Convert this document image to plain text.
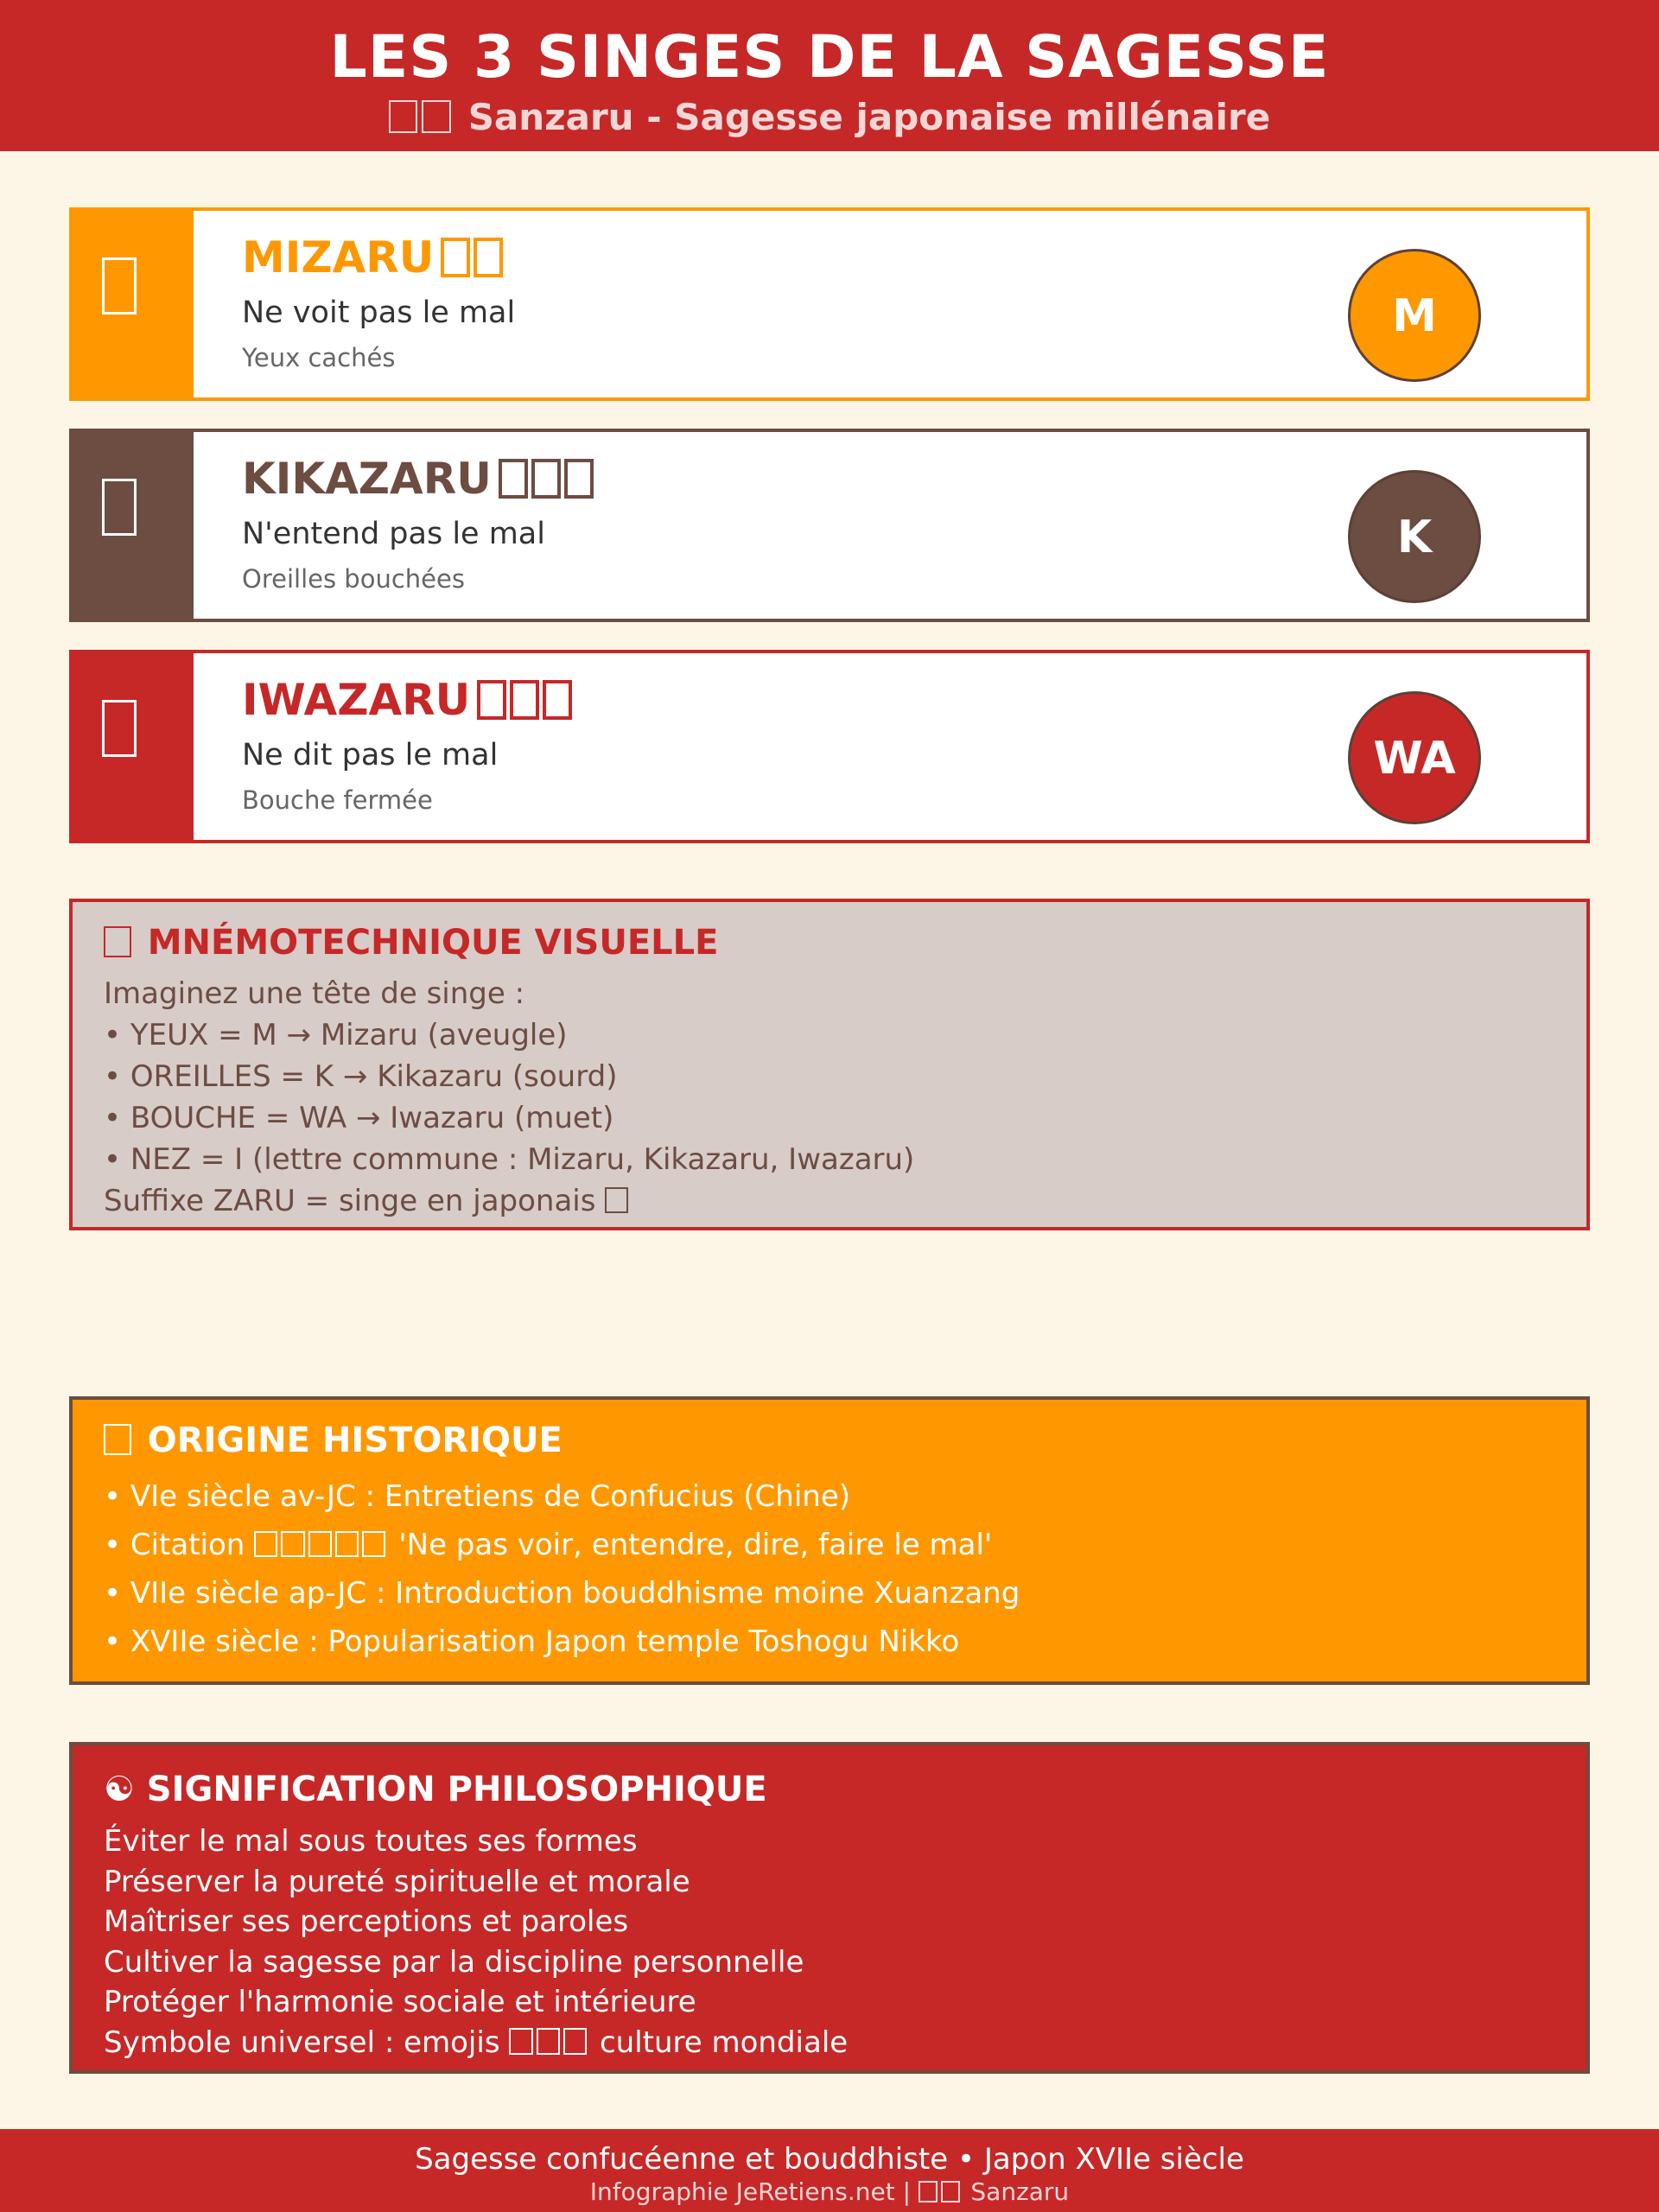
LES 3 SINGES DE LA SAGESSE
Sanzaru - Sagesse japonaise millénaire
MIZARU
Ne voit pas le mal
Yeux cachés
M
KIKAZARU
N'entend pas le mal
Oreilles bouchées
K
IWAZARU
Ne dit pas le mal
Bouche fermée
WA
MNÉMOTECHNIQUE VISUELLE
Imaginez une tête de singe :
• YEUX = M → Mizaru (aveugle)
• OREILLES = K → Kikazaru (sourd)
• BOUCHE = WA → Iwazaru (muet)
• NEZ = I (lettre commune : Mizaru, Kikazaru, Iwazaru)
Suffixe ZARU = singe en japonais
ORIGINE HISTORIQUE
• VIe siècle av-JC : Entretiens de Confucius (Chine)
• Citation	'Ne pas voir, entendre, dire, faire le mal'
• VIIe siècle ap-JC : Introduction bouddhisme moine Xuanzang
• XVIIe siècle : Popularisation Japon temple Toshogu Nikko
☯ SIGNIFICATION PHILOSOPHIQUE
Éviter le mal sous toutes ses formes
Préserver la pureté spirituelle et morale
Maîtriser ses perceptions et paroles
Cultiver la sagesse par la discipline personnelle
Protéger l'harmonie sociale et intérieure
Symbole universel : emojis	culture mondiale
Sagesse confucéenne et bouddhiste • Japon XVIIe siècle
Infographie JeRetiens.net | Sanzaru
